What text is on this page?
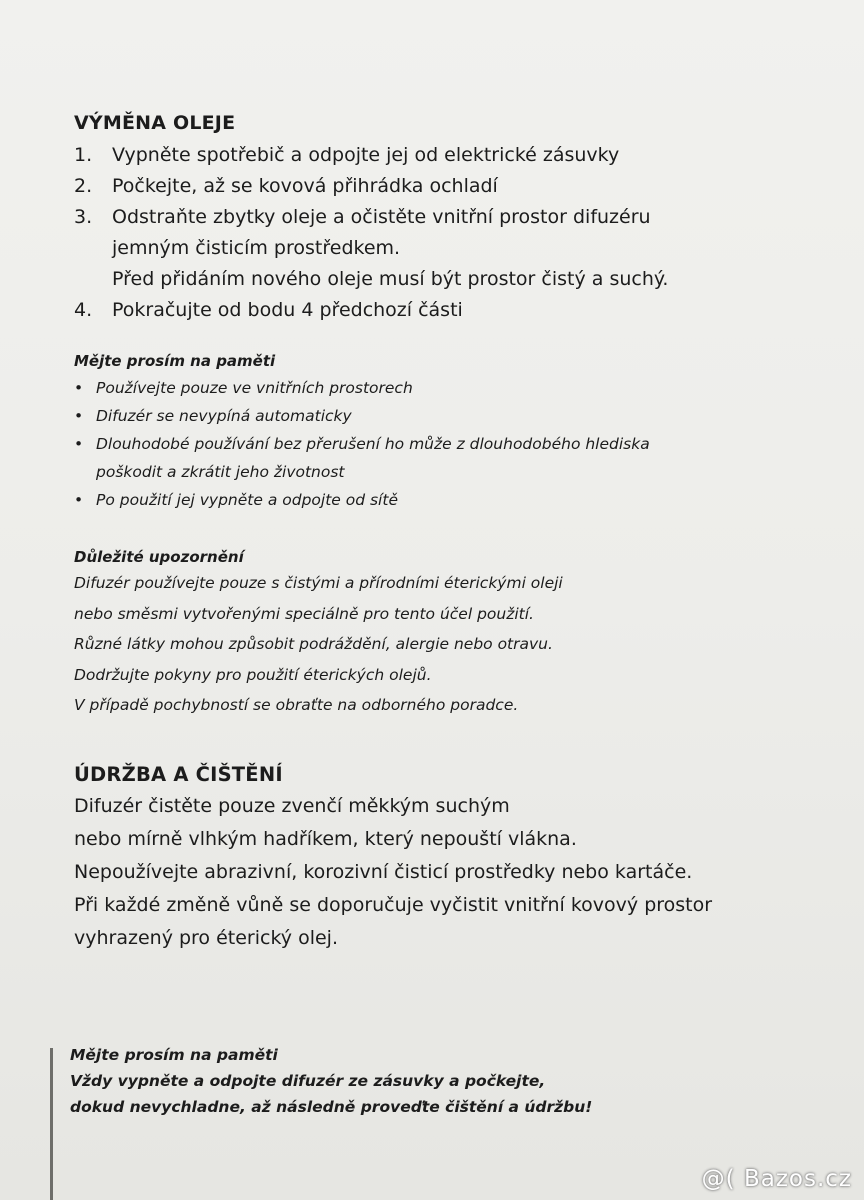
VÝMĚNA OLEJE
1.	Vypněte spotřebič a odpojte jej od elektrické zásuvky
2.	Počkejte, až se kovová přihrádka ochladí
3.	Odstraňte zbytky oleje a očistěte vnitřní prostor difuzéru
jemným čisticím prostředkem.
Před přidáním nového oleje musí být prostor čistý a suchý.
4.	Pokračujte od bodu 4 předchozí části

Mějte prosím na paměti

• Používejte pouze ve vnitřních prostorech
• Difuzér se nevypíná automaticky
• Dlouhodobé používání bez přerušení ho může z dlouhodobého hlediska
poškodit a zkrátit jeho životnost
• Po použití jej vypněte a odpojte od sítě

Důležité upozornění

Difuzér používejte pouze s čistými a přírodními éterickými oleji
nebo směsmi vytvořenými speciálně pro tento účel použití.
Různé látky mohou způsobit podráždění, alergie nebo otravu.
Dodržujte pokyny pro použití éterických olejů.
V případě pochybností se obraťte na odborného poradce.
ÚDRŽBA A ČIŠTĚNÍ
Difuzér čistěte pouze zvenčí měkkým suchým
nebo mírně vlhkým hadříkem, který nepouští vlákna.
Nepoužívejte abrazivní, korozivní čisticí prostředky nebo kartáče.
Při každé změně vůně se doporučuje vyčistit vnitřní kovový prostor
vyhrazený pro éterický olej.
Mějte prosím na paměti
Vždy vypněte a odpojte difuzér ze zásuvky a počkejte,
dokud nevychladne, až následně proveďte čištění a údržbu!
@( Bazos.cz
